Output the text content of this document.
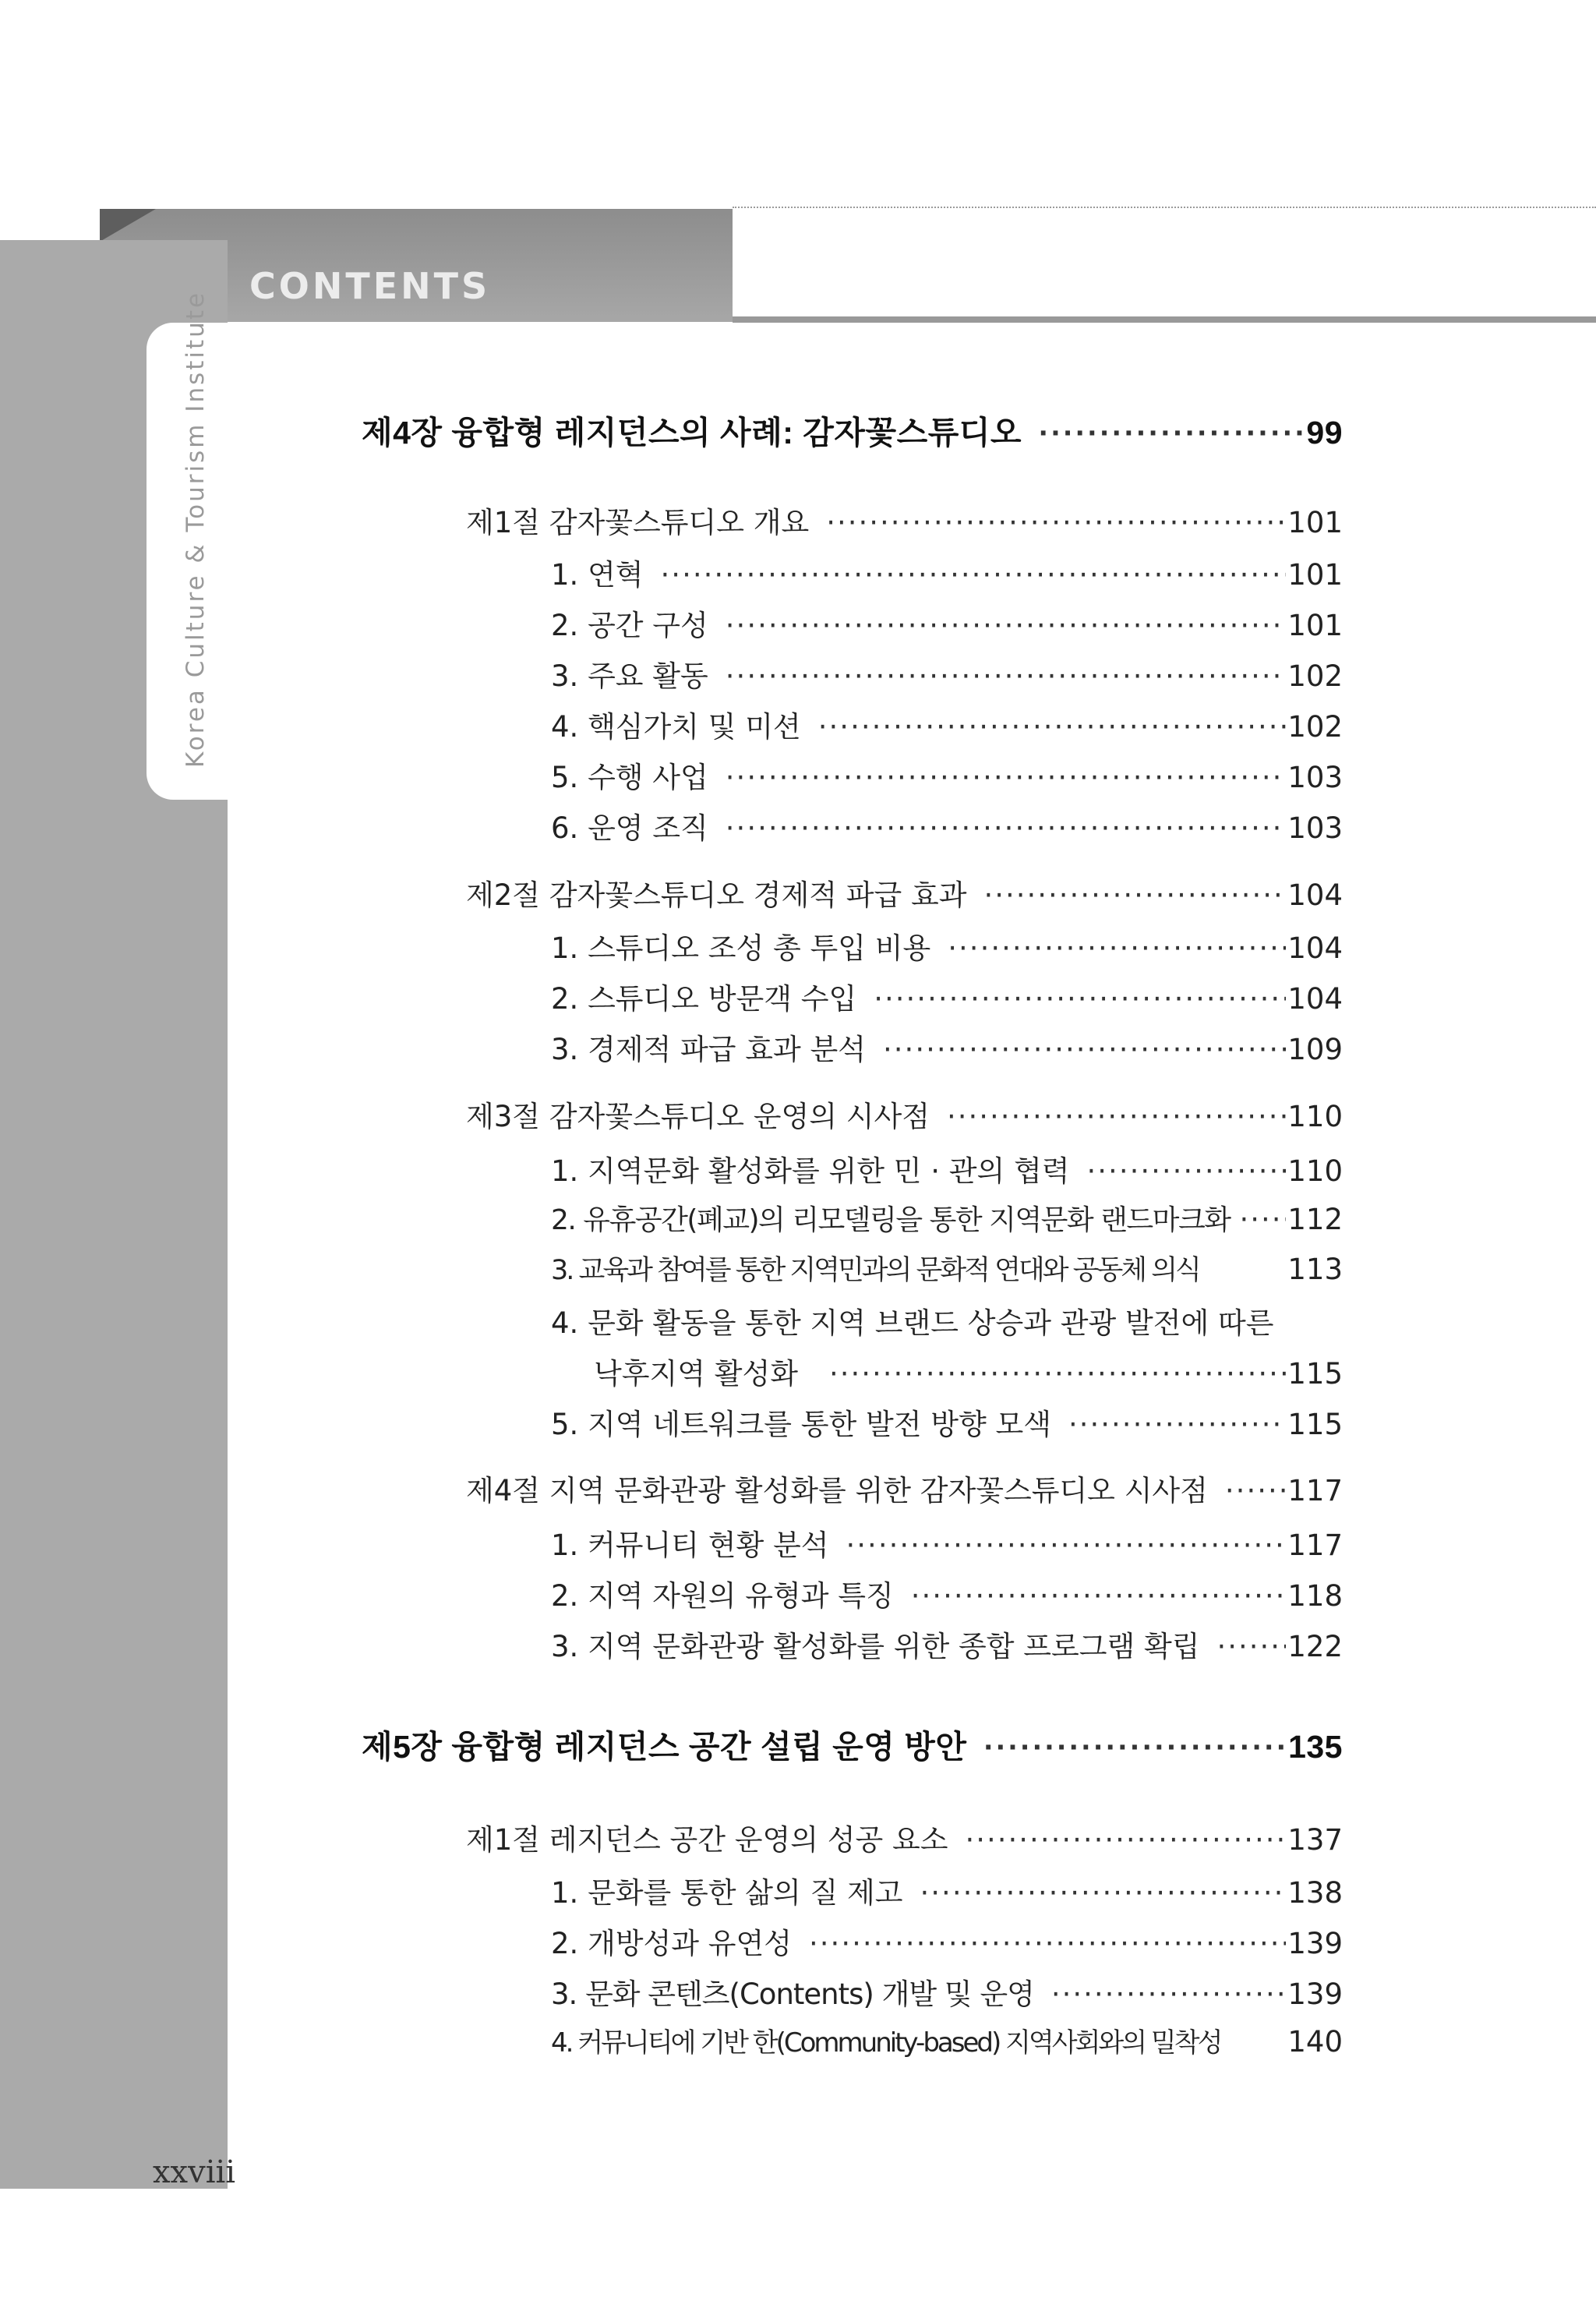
CONTENTS
Korea Culture & Tourism Institute
xxviii
제4장 융합형 레지던스의 사례: 감자꽃스튜디오 ·····	99
제1절 감자꽃스튜디오 개요 ·····	101
1. 연혁 ·····	101
2. 공간 구성 ·····	101
3. 주요 활동 ·····	102
4. 핵심가치 및 미션 ·····	102
5. 수행 사업 ·····	103
6. 운영 조직 ·····	103
제2절 감자꽃스튜디오 경제적 파급 효과 ·····	104
1. 스튜디오 조성 총 투입 비용 ·····	104
2. 스튜디오 방문객 수입 ·····	104
3. 경제적 파급 효과 분석 ·····	109
제3절 감자꽃스튜디오 운영의 시사점 ·····	110
1. 지역문화 활성화를 위한 민 · 관의 협력 ·····	110
2. 유휴공간(폐교)의 리모델링을 통한 지역문화 랜드마크화 ····· 112
3. 교육과 참여를 통한 지역민과의 문화적 연대와 공동체 의식	113
4. 문화 활동을 통한 지역 브랜드 상승과 관광 발전에 따른
낙후지역 활성화 ·····	115
5. 지역 네트워크를 통한 발전 방향 모색 ·····	115
제4절 지역 문화관광 활성화를 위한 감자꽃스튜디오 시사점 ·····	117
1. 커뮤니티 현황 분석 ·····	117
2. 지역 자원의 유형과 특징 ·····	118
3. 지역 문화관광 활성화를 위한 종합 프로그램 확립 ·····	122
제5장 융합형 레지던스 공간 설립 운영 방안 ·····	135
제1절 레지던스 공간 운영의 성공 요소 ·····	137
1. 문화를 통한 삶의 질 제고 ·····	138
2. 개방성과 유연성 ·····	139
3. 문화 콘텐츠(Contents) 개발 및 운영 ·····	139
4. 커뮤니티에 기반 한(Community-based) 지역사회와의 밀착성 140
